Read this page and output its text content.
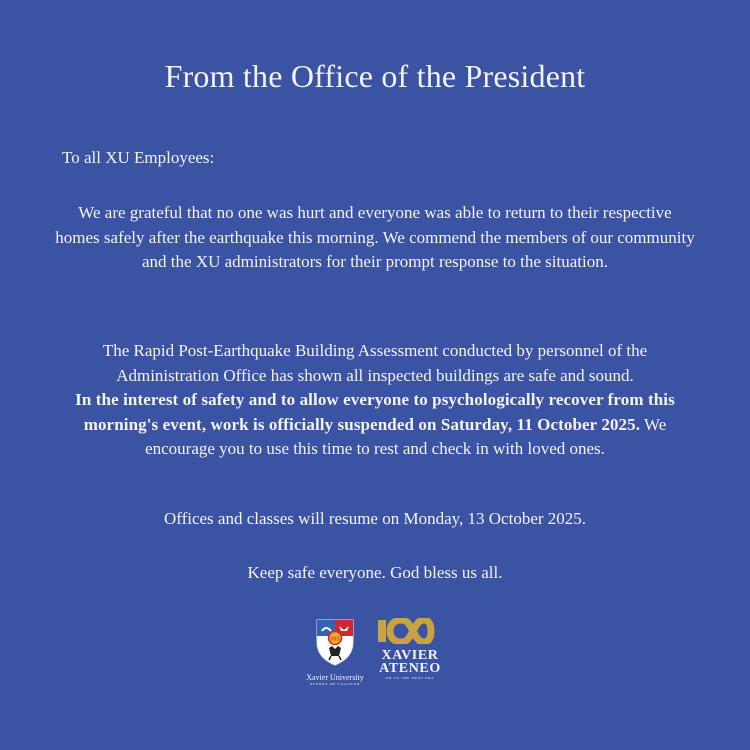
From the Office of the President
To all XU Employees:
We are grateful that no one was hurt and everyone was able to return to their respective homes safely after the earthquake this morning. We commend the members of our community and the XU administrators for their prompt response to the situation.
The Rapid Post-Earthquake Building Assessment conducted by personnel of the Administration Office has shown all inspected buildings are safe and sound.
In the interest of safety and to allow everyone to psychologically recover from this morning's event, work is officially suspended on Saturday, 11 October 2025. We encourage you to use this time to rest and check in with loved ones.
Offices and classes will resume on Monday, 13 October 2025.
Keep safe everyone. God bless us all.
IHS
Xavier University
ATENEO DE CAGAYAN
XAVIER
ATENEO
ON TO THE NEXT ERA
